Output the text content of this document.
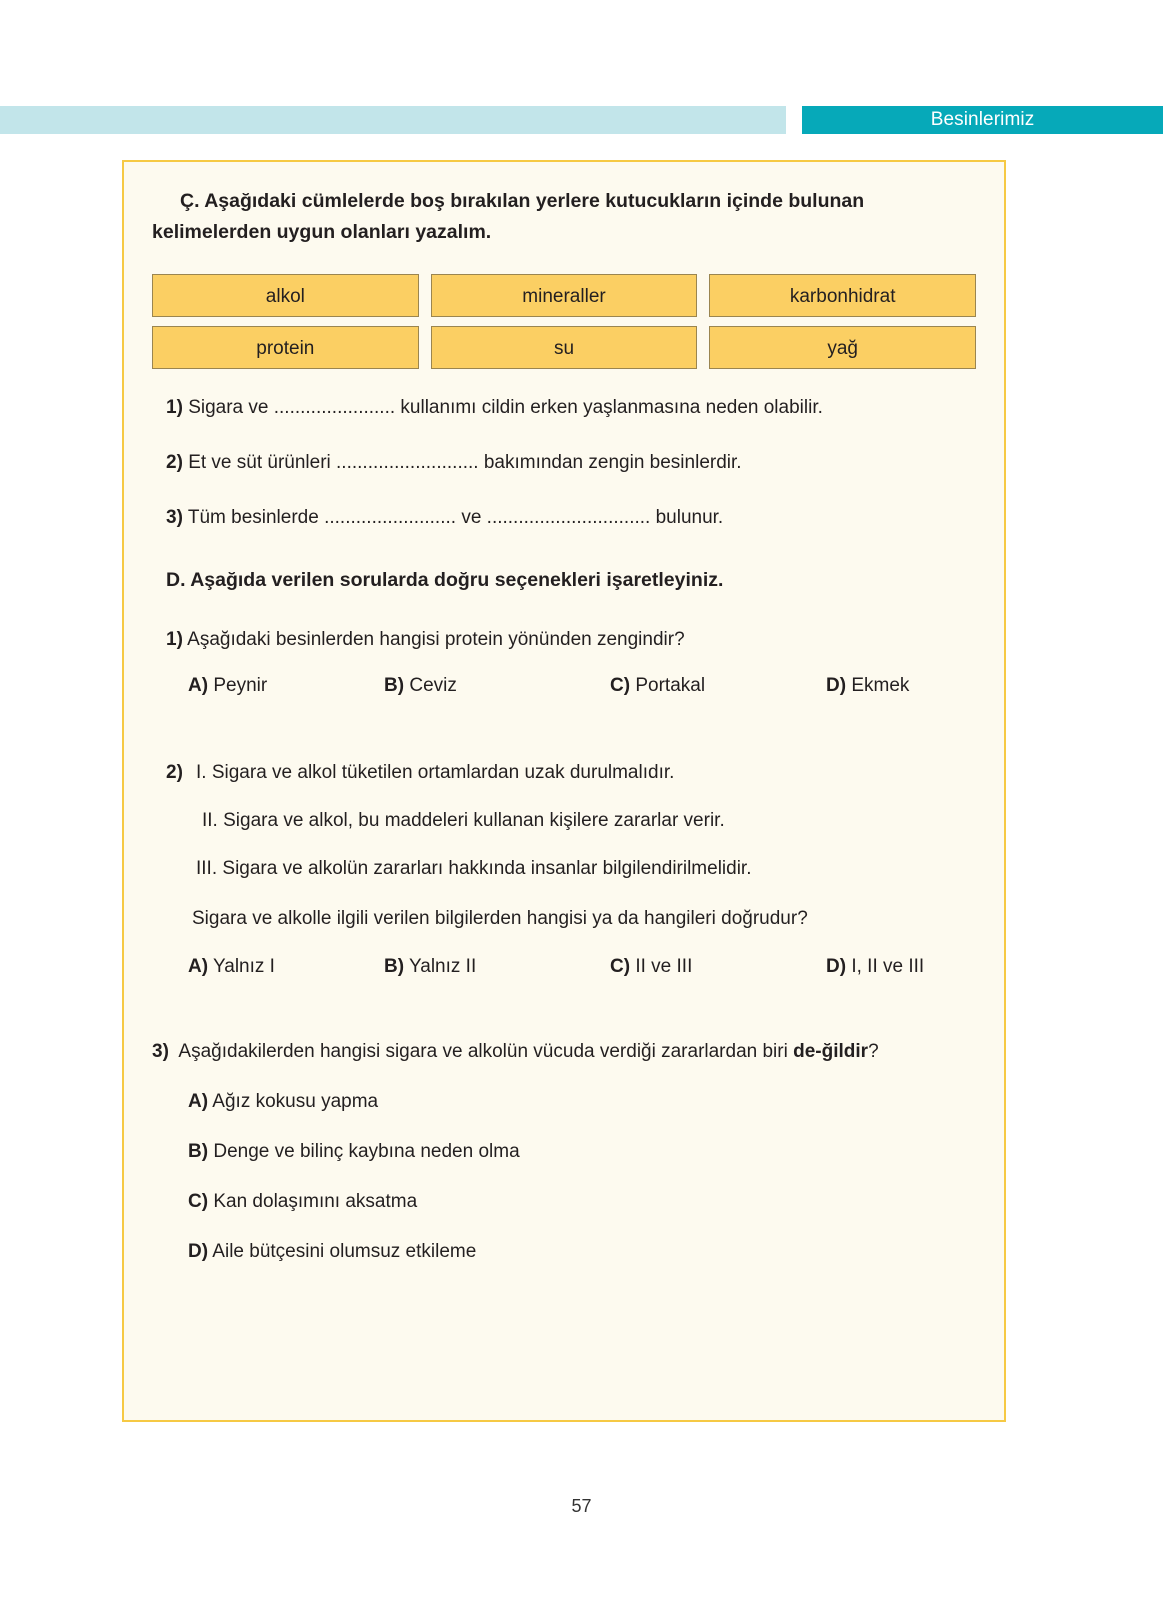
Besinlerimiz

Ç. Aşağıdaki cümlelerde boş bırakılan yerlere kutucukların içinde bulunan kelimelerden uygun olanları yazalım.

alkol	mineraller	karbonhidrat
protein	su	yağ
1) Sigara ve ....................... kullanımı cildin erken yaşlanmasına neden olabilir.
2) Et ve süt ürünleri ........................... bakımından zengin besinlerdir.
3) Tüm besinlerde ......................... ve ............................... bulunur.
D. Aşağıda verilen sorularda doğru seçenekleri işaretleyiniz.
1) Aşağıdaki besinlerden hangisi protein yönünden zengindir?
A) Peynir	B) Ceviz	C) Portakal	D) Ekmek
2) I. Sigara ve alkol tüketilen ortamlardan uzak durulmalıdır.
II. Sigara ve alkol, bu maddeleri kullanan kişilere zararlar verir.
III. Sigara ve alkolün zararları hakkında insanlar bilgilendirilmelidir.
Sigara ve alkolle ilgili verilen bilgilerden hangisi ya da hangileri doğrudur?
A) Yalnız I	B) Yalnız II	C) II ve III	D) I, II ve III
3) Aşağıdakilerden hangisi sigara ve alkolün vücuda verdiği zararlardan biri de-ğildir?
A) Ağız kokusu yapma
B) Denge ve bilinç kaybına neden olma
C) Kan dolaşımını aksatma
D) Aile bütçesini olumsuz etkileme
57
